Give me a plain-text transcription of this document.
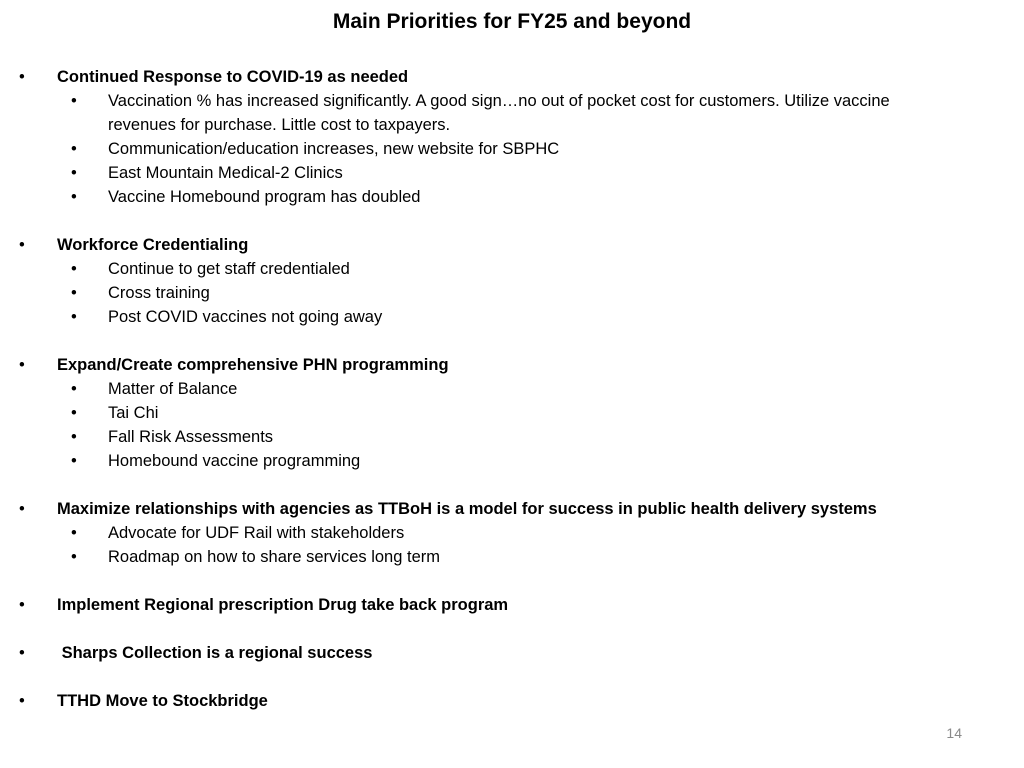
Main Priorities for FY25 and beyond
• Continued Response to COVID-19 as needed
• Vaccination % has increased significantly. A good sign…no out of pocket cost for customers. Utilize vaccine revenues for purchase. Little cost to taxpayers.
• Communication/education increases, new website for SBPHC
• East Mountain Medical-2 Clinics
• Vaccine Homebound program has doubled
• Workforce Credentialing
• Continue to get staff credentialed
• Cross training
• Post COVID vaccines not going away
• Expand/Create comprehensive PHN programming
• Matter of Balance
• Tai Chi
• Fall Risk Assessments
• Homebound vaccine programming
• Maximize relationships with agencies as TTBoH is a model for success in public health delivery systems
• Advocate for UDF Rail with stakeholders
• Roadmap on how to share services long term
• Implement Regional prescription Drug take back program
• Sharps Collection is a regional success
• TTHD Move to Stockbridge
14
